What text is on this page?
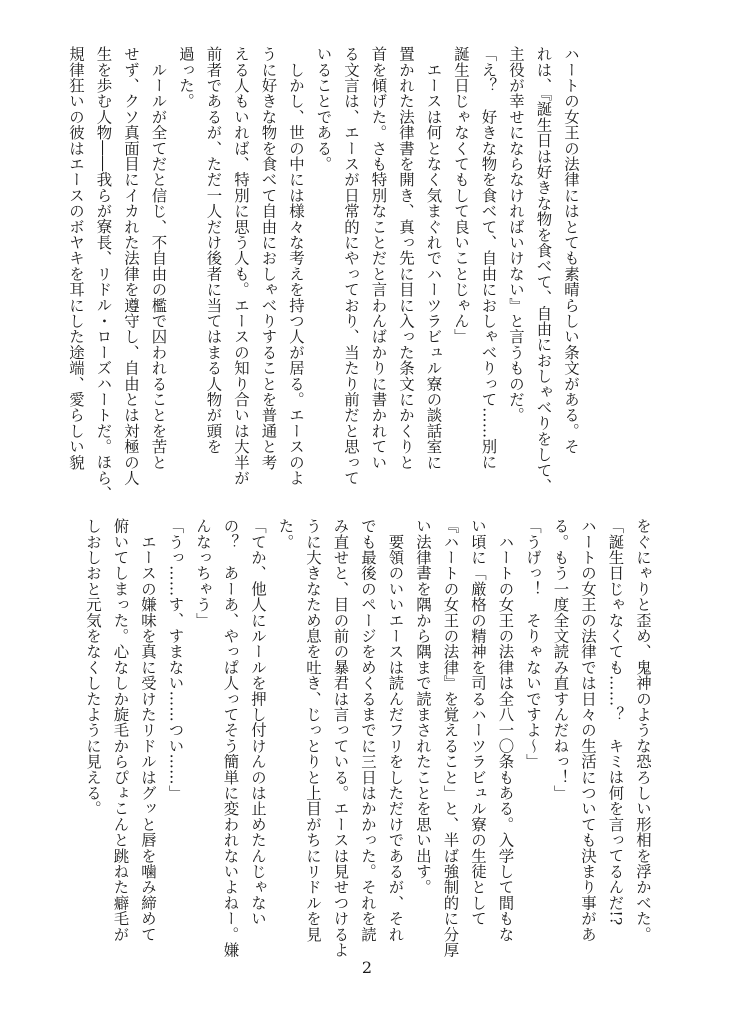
ハートの女王の法律にはとても素晴らしい条文がある。そ

れは、『誕生日は好きな物を食べて、自由におしゃべりをして、

主役が幸せにならなければいけない』と言うものだ。

「え？　好きな物を食べて、自由におしゃべりって……別に

誕生日じゃなくてもして良いことじゃん」

　エースは何となく気まぐれでハーツラビュル寮の談話室に

置かれた法律書を開き、真っ先に目に入った条文にかくりと

首を傾げた。さも特別なことだと言わんばかりに書かれてい

る文言は、エースが日常的にやっており、当たり前だと思って

いることである。

　しかし、世の中には様々な考えを持つ人が居る。エースのよ

うに好きな物を食べて自由におしゃべりすることを普通と考

える人もいれば、特別に思う人も。エースの知り合いは大半が

前者であるが、ただ一人だけ後者に当てはまる人物が頭を

過った。

　ルールが全てだと信じ、不自由の檻で囚われることを苦と

せず、クソ真面目にイカれた法律を遵守し、自由とは対極の人

生を歩む人物――我らが寮長、リドル・ローズハートだ。ほら、

規律狂いの彼はエースのボヤキを耳にした途端、愛らしい貌

をぐにゃりと歪め、鬼神のような恐ろしい形相を浮かべた。

「誕生日じゃなくても……？　キミは何を言ってるんだ!?

ハートの女王の法律では日々の生活についても決まり事があ

る。もう一度全文読み直すんだねっ！」

「うげっ！　そりゃないですよ～」

　ハートの女王の法律は全八一〇条もある。入学して間もな

い頃に「厳格の精神を司るハーツラビュル寮の生徒として

『ハートの女王の法律』を覚えること」と、半ば強制的に分厚

い法律書を隅から隅まで読まされたことを思い出す。

　要領のいいエースは読んだフリをしただけであるが、それ

でも最後のページをめくるまでに三日はかかった。それを読

み直せと、目の前の暴君は言っている。エースは見せつけるよ

うに大きなため息を吐き、じっとりと上目がちにリドルを見

た。

「てか、他人にルールを押し付けんのは止めたんじゃない

の？　あーあ、やっぱ人ってそう簡単に変われないよねー。嫌

んなっちゃう」

「うっ……す、すまない……つい……」

　エースの嫌味を真に受けたリドルはグッと唇を噛み締めて

俯いてしまった。心なしか旋毛からぴょこんと跳ねた癖毛が

しおしおと元気をなくしたように見える。

2
